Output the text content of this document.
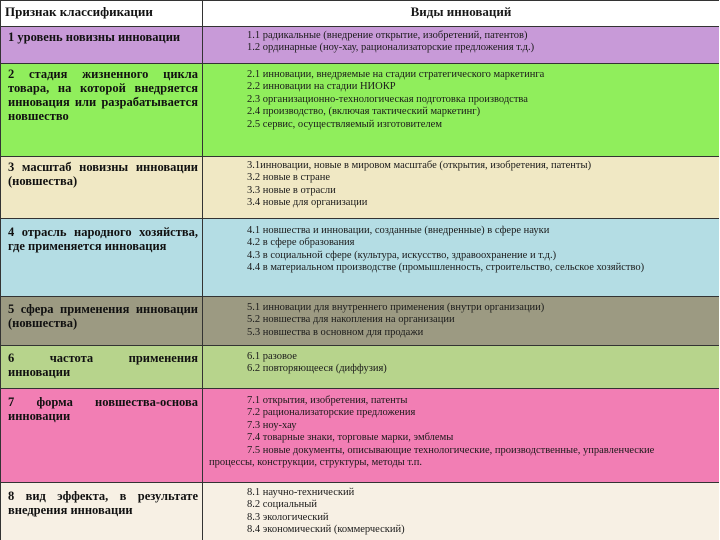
Признак классификации	Виды инноваций
1 уровень новизны инновации	1.1 радикальные (внедрение открытие, изобретений, патентов)
1.2 ординарные (ноу-хау, рационализаторские предложения т.д.)
2 стадия жизненного цикла товара, на которой внедряется инновация или разрабатывается новшество
2.1 инновации, внедряемые на стадии стратегического маркетинга
2.2 инновации на стадии НИОКР
2.3 организационно-технологическая подготовка производства
2.4 производство, (включая тактический маркетинг)
2.5 сервис, осуществляемый изготовителем
3 масштаб новизны инновации (новшества)
3.1инновации, новые в мировом масштабе (открытия, изобретения, патенты)
3.2 новые в стране
3.3 новые в отрасли
3.4 новые для организации
4 отрасль народного хозяйства, где применяется инновация
4.1 новшества и инновации, созданные (внедренные) в сфере науки
4.2 в сфере образования
4.3 в социальной сфере (культура, искусство, здравоохранение и т.д.)
4.4 в материальном производстве (промышленность, строительство, сельское хозяйство)
5 сфера применения инновации (новшества)
5.1 инновации для внутреннего применения (внутри организации)
5.2 новшества для накопления на организации
5.3 новшества в основном для продажи
6 частота применения инновации
6.1 разовое
6.2 повторяющееся (диффузия)
7 форма новшества-основа инновации
7.1 открытия, изобретения, патенты
7.2 рационализаторские предложения
7.3 ноу-хау
7.4 товарные знаки, торговые марки, эмблемы
7.5 новые документы, описывающие технологические, производственные, управленческие
процессы, конструкции, структуры, методы т.п.
8 вид эффекта, в результате внедрения инновации
8.1 научно-технический
8.2 социальный
8.3 экологический
8.4 экономический (коммерческий)
